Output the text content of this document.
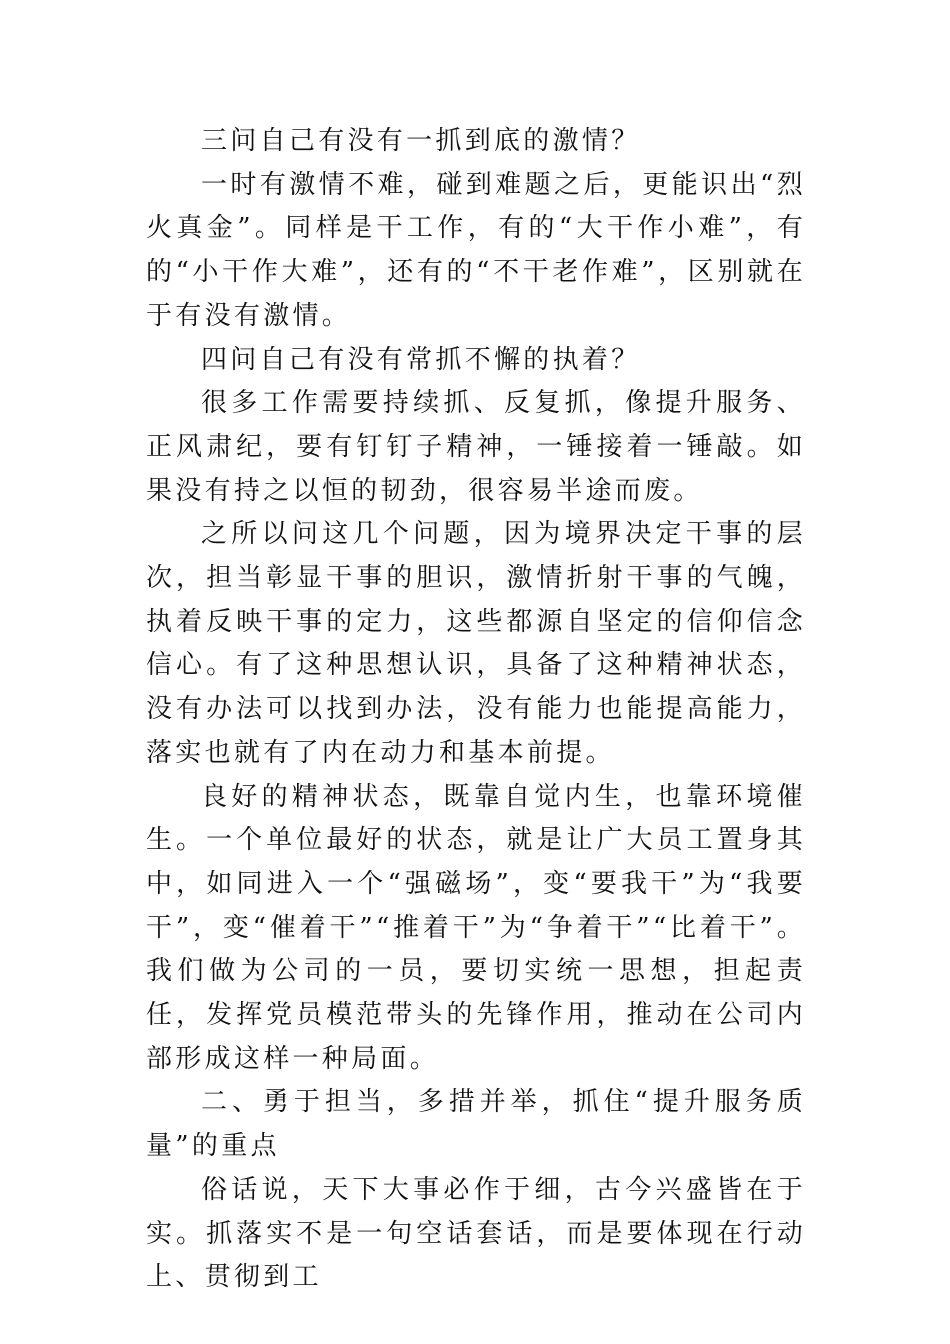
三问自己有没有一抓到底的激情？

一时有激情不难，碰到难题之后，更能识出“烈火真金”。同样是干工作，有的“大干作小难”，有的“小干作大难”，还有的“不干老作难”，区别就在于有没有激情。

四问自己有没有常抓不懈的执着？

很多工作需要持续抓、反复抓，像提升服务、正风肃纪，要有钉钉子精神，一锤接着一锤敲。如果没有持之以恒的韧劲，很容易半途而废。

之所以问这几个问题，因为境界决定干事的层次，担当彰显干事的胆识，激情折射干事的气魄，执着反映干事的定力，这些都源自坚定的信仰信念信心。有了这种思想认识，具备了这种精神状态，没有办法可以找到办法，没有能力也能提高能力，落实也就有了内在动力和基本前提。

良好的精神状态，既靠自觉内生，也靠环境催生。一个单位最好的状态，就是让广大员工置身其中，如同进入一个“强磁场”，变“要我干”为“我要干”，变“催着干”“推着干”为“争着干”“比着干”。我们做为公司的一员，要切实统一思想，担起责任，发挥党员模范带头的先锋作用，推动在公司内部形成这样一种局面。

二、勇于担当，多措并举，抓住“提升服务质量”的重点

俗话说，天下大事必作于细，古今兴盛皆在于实。抓落实不是一句空话套话，而是要体现在行动上、贯彻到工
